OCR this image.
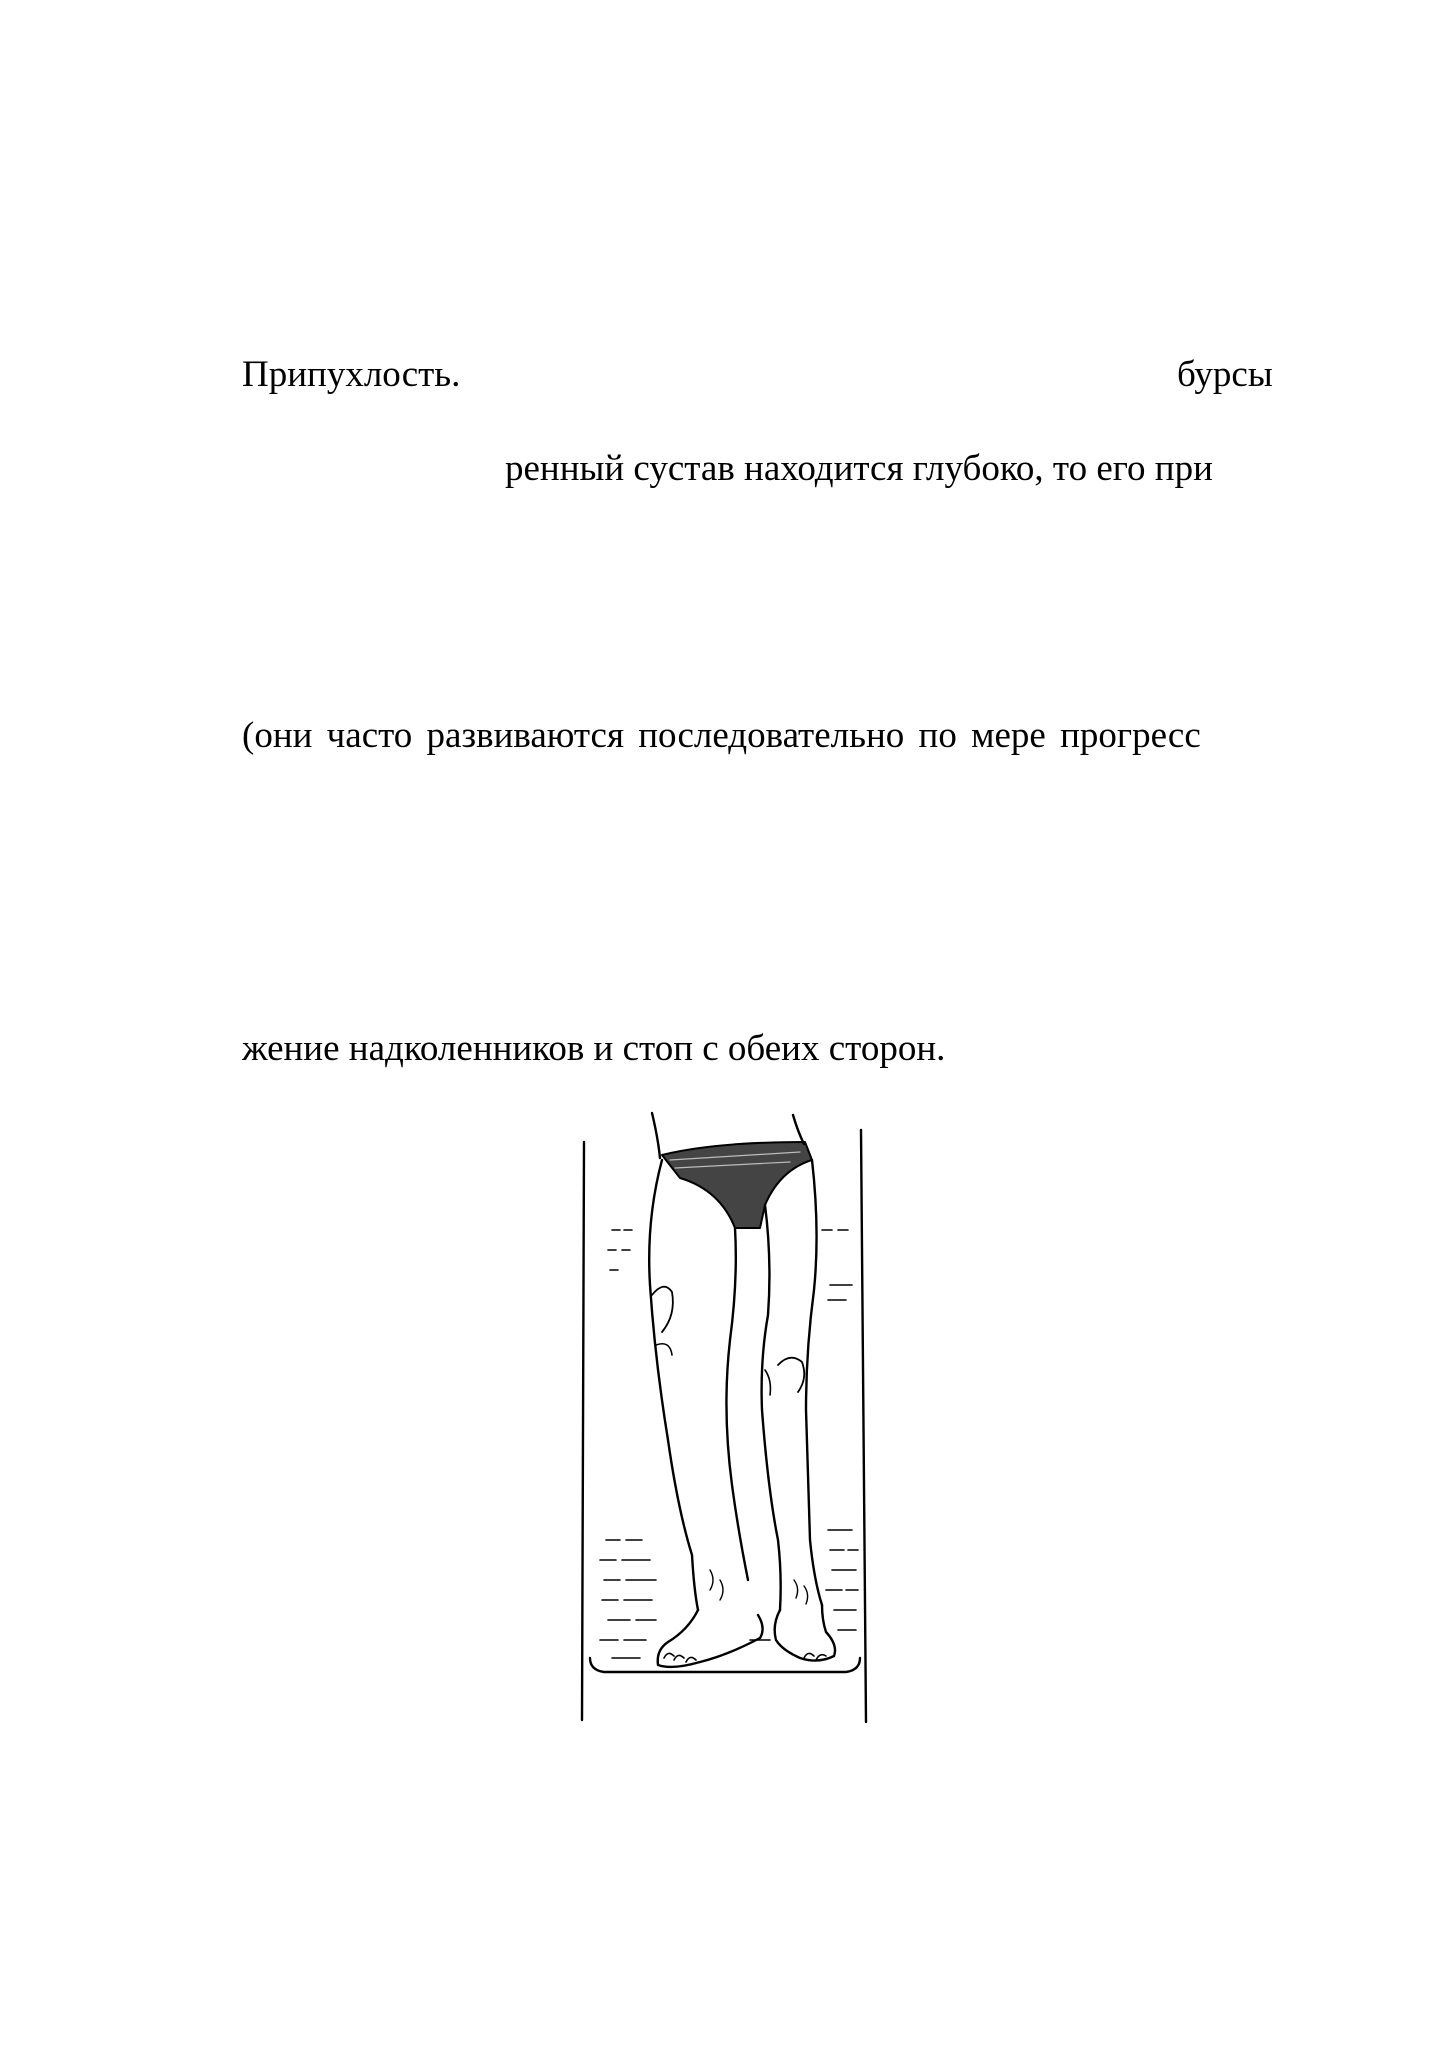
Припухлость.	бурсы
ренный сустав находится глубоко, то его при
(они часто развиваются последовательно по мере прогресс
жение надколенников и стоп с обеих сторон.
